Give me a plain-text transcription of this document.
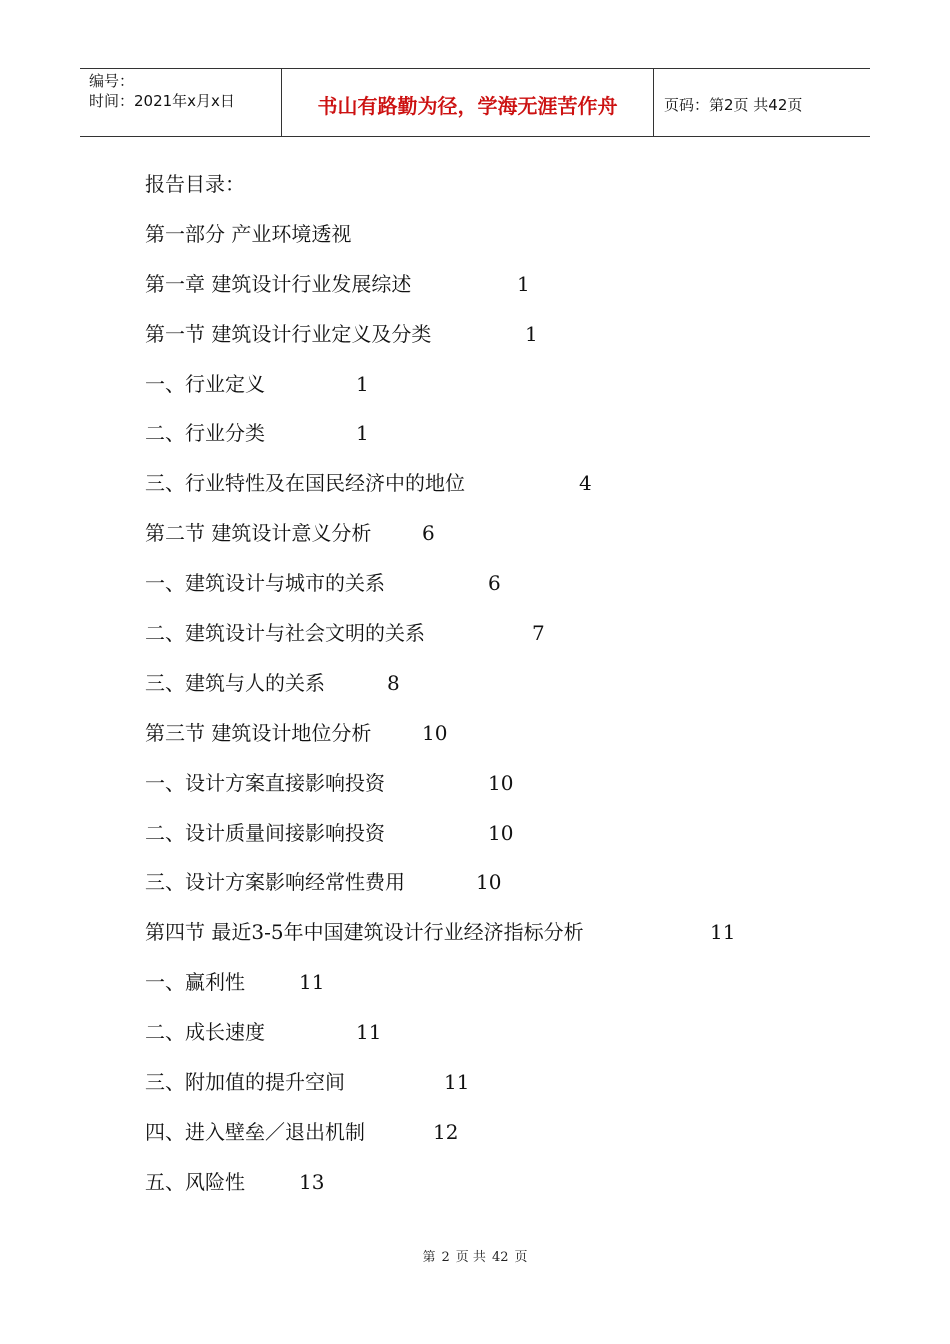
编号：
时间：2021年x月x日	书山有路勤为径，学海无涯苦作舟	页码：第2页 共42页
报告目录：
第一部分 产业环境透视
第一章 建筑设计行业发展综述	1
第一节 建筑设计行业定义及分类	1
一、行业定义	1
二、行业分类	1
三、行业特性及在国民经济中的地位	4
第二节 建筑设计意义分析	6
一、建筑设计与城市的关系	6
二、建筑设计与社会文明的关系	7
三、建筑与人的关系	8
第三节 建筑设计地位分析	10
一、设计方案直接影响投资	10
二、设计质量间接影响投资	10
三、设计方案影响经常性费用	10
第四节 最近3-5年中国建筑设计行业经济指标分析	11
一、赢利性	11
二、成长速度	11
三、附加值的提升空间	11
四、进入壁垒／退出机制	12
五、风险性	13
第 2 页 共 42 页
